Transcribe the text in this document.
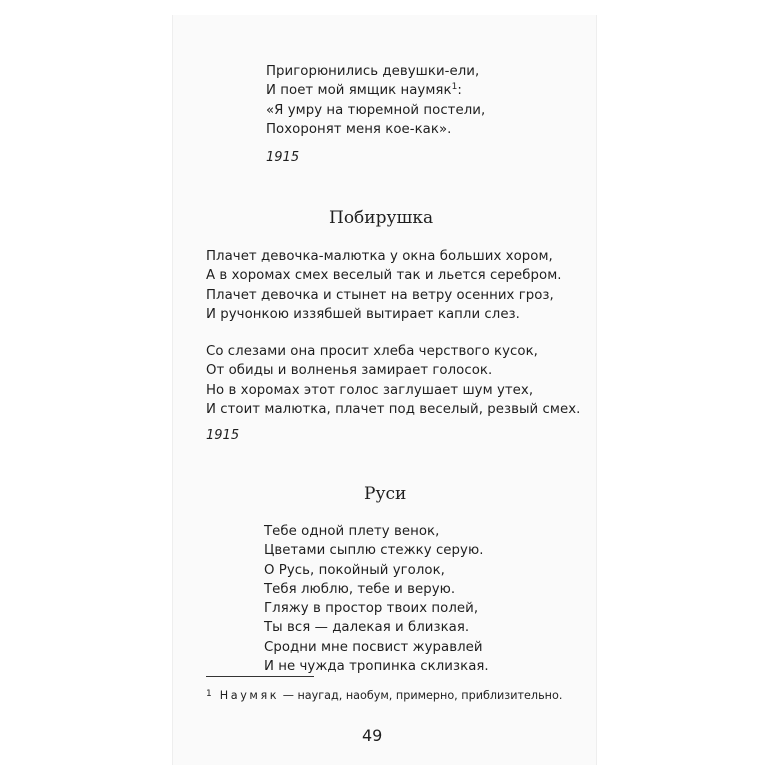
Пригорюнились девушки-ели,
И поет мой ямщик наумяк$^1$:
«Я умру на тюремной постели,
Похоронят меня кое-как».
1915
Побирушка
Плачет девочка-малютка у окна больших хором,
А в хоромах смех веселый так и льется серебром.
Плачет девочка и стынет на ветру осенних гроз,
И ручонкою иззябшей вытирает капли слез.
Со слезами она просит хлеба черствого кусок,
От обиды и волненья замирает голосок.
Но в хоромах этот голос заглушает шум утех,
И стоит малютка, плачет под веселый, резвый смех.
1915
Руси
Тебе одной плету венок,
Цветами сыплю стежку серую.
О Русь, покойный уголок,
Тебя люблю, тебе и верую.
Гляжу в простор твоих полей,
Ты вся — далекая и близкая.
Сродни мне посвист журавлей
И не чужда тропинка склизкая.
$^1$ Наумяк — наугад, наобум, примерно, приблизительно.
49
